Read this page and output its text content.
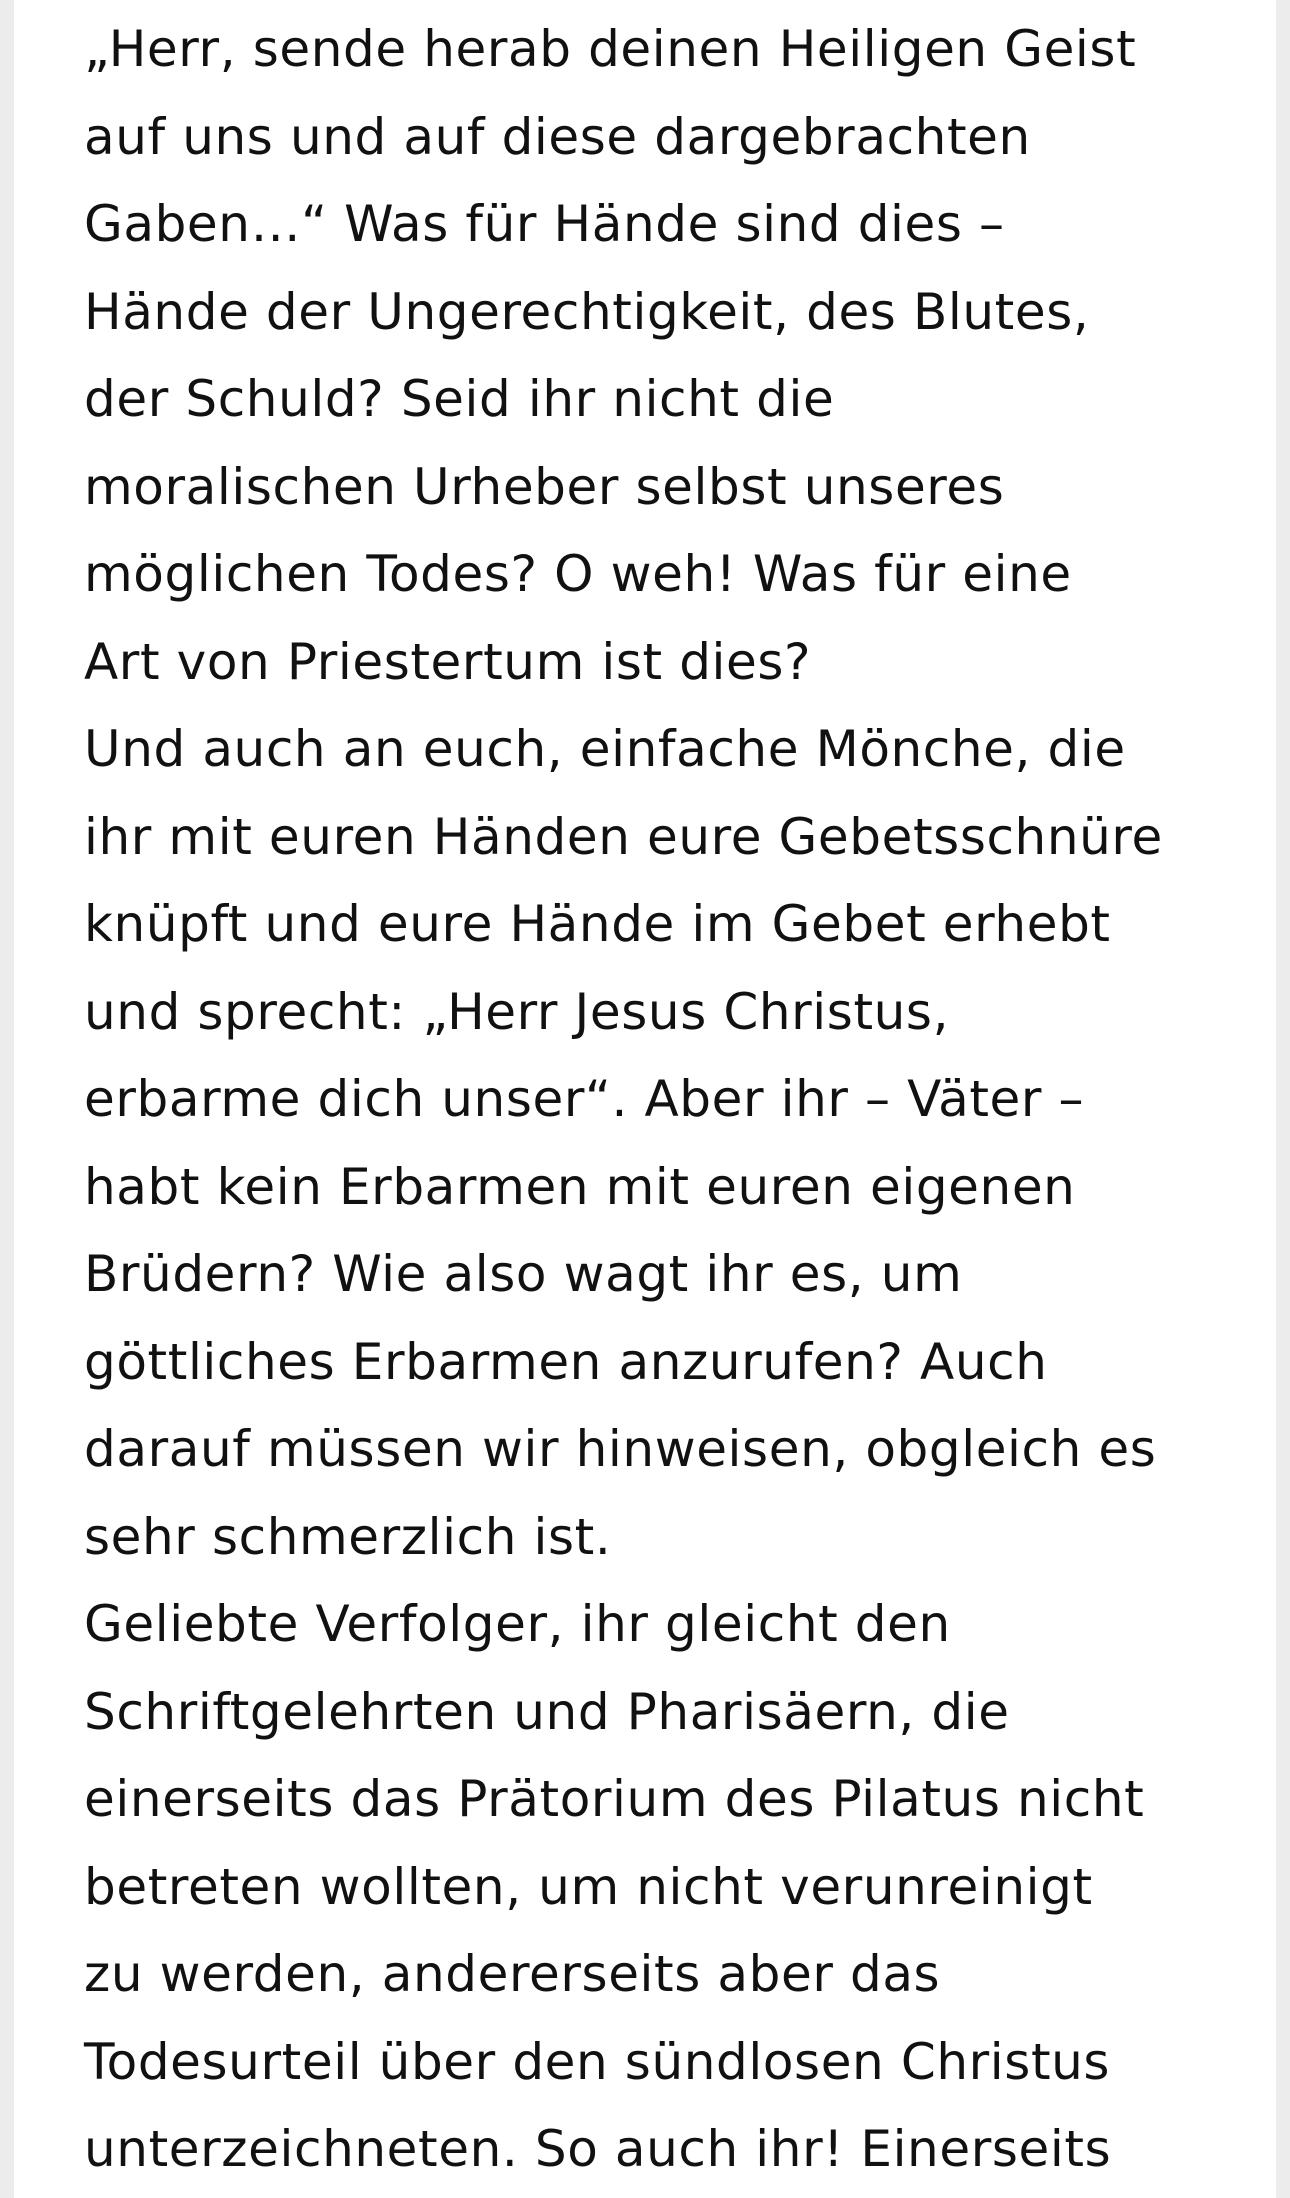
„Herr, sende herab deinen Heiligen Geist
auf uns und auf diese dargebrachten
Gaben…“ Was für Hände sind dies –
Hände der Ungerechtigkeit, des Blutes,
der Schuld? Seid ihr nicht die
moralischen Urheber selbst unseres
möglichen Todes? O weh! Was für eine
Art von Priestertum ist dies?
Und auch an euch, einfache Mönche, die
ihr mit euren Händen eure Gebetsschnüre
knüpft und eure Hände im Gebet erhebt
und sprecht: „Herr Jesus Christus,
erbarme dich unser“. Aber ihr – Väter –
habt kein Erbarmen mit euren eigenen
Brüdern? Wie also wagt ihr es, um
göttliches Erbarmen anzurufen? Auch
darauf müssen wir hinweisen, obgleich es
sehr schmerzlich ist.
Geliebte Verfolger, ihr gleicht den
Schriftgelehrten und Pharisäern, die
einerseits das Prätorium des Pilatus nicht
betreten wollten, um nicht verunreinigt
zu werden, andererseits aber das
Todesurteil über den sündlosen Christus
unterzeichneten. So auch ihr! Einerseits
